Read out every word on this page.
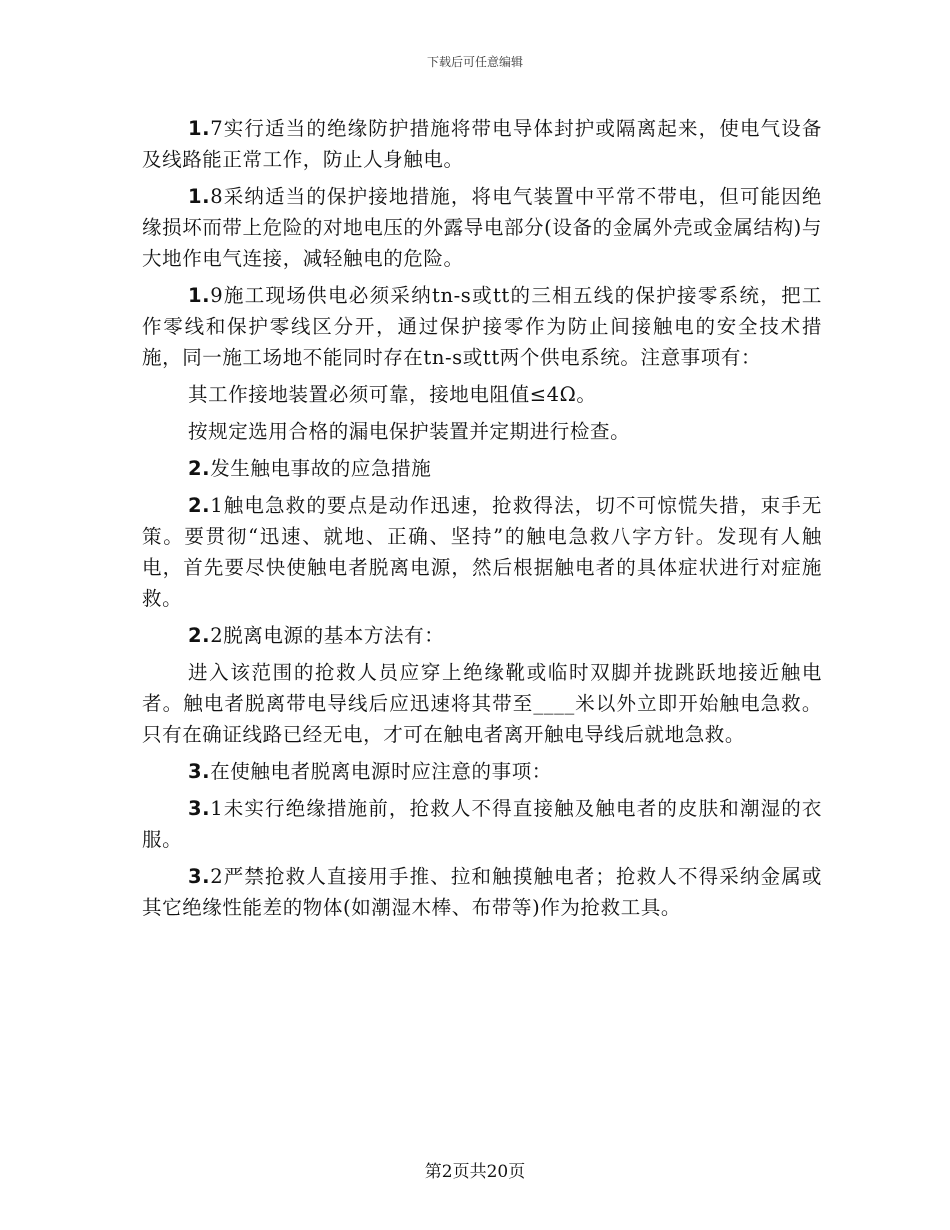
下载后可任意编辑

1.7实行适当的绝缘防护措施将带电导体封护或隔离起来，使电气设备及线路能正常工作，防止人身触电。

1.8采纳适当的保护接地措施，将电气装置中平常不带电，但可能因绝缘损坏而带上危险的对地电压的外露导电部分(设备的金属外壳或金属结构)与大地作电气连接，减轻触电的危险。

1.9施工现场供电必须采纳tn-s或tt的三相五线的保护接零系统，把工作零线和保护零线区分开，通过保护接零作为防止间接触电的安全技术措施，同一施工场地不能同时存在tn-s或tt两个供电系统。注意事项有：

其工作接地装置必须可靠，接地电阻值≤4Ω。

按规定选用合格的漏电保护装置并定期进行检查。

2.发生触电事故的应急措施

2.1触电急救的要点是动作迅速，抢救得法，切不可惊慌失措，束手无策。要贯彻“迅速、就地、正确、坚持”的触电急救八字方针。发现有人触电，首先要尽快使触电者脱离电源，然后根据触电者的具体症状进行对症施救。

2.2脱离电源的基本方法有：

进入该范围的抢救人员应穿上绝缘靴或临时双脚并拢跳跃地接近触电者。触电者脱离带电导线后应迅速将其带至____米以外立即开始触电急救。只有在确证线路已经无电，才可在触电者离开触电导线后就地急救。

3.在使触电者脱离电源时应注意的事项：

3.1未实行绝缘措施前，抢救人不得直接触及触电者的皮肤和潮湿的衣服。

3.2严禁抢救人直接用手推、拉和触摸触电者；抢救人不得采纳金属或其它绝缘性能差的物体(如潮湿木棒、布带等)作为抢救工具。

第2页共20页
